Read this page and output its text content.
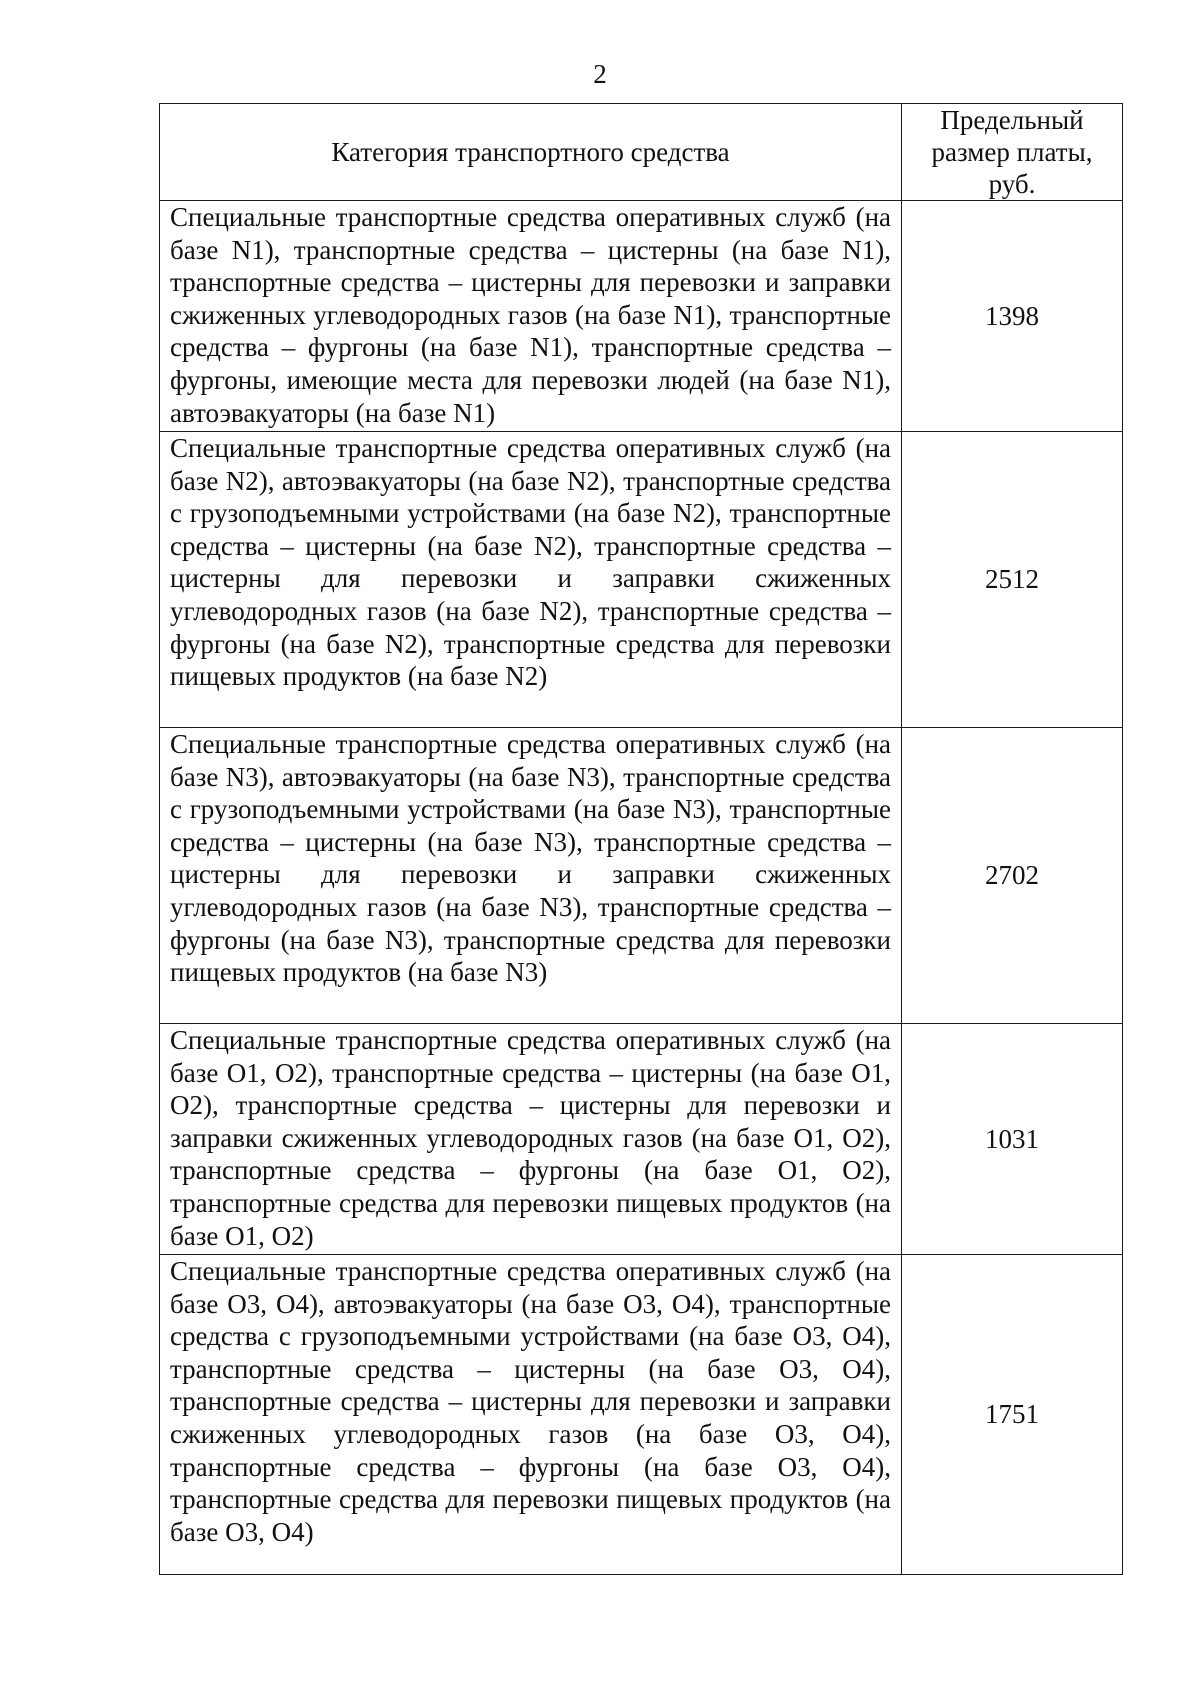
2
Категория транспортного средства	Предельный размер платы, руб.
Специальные транспортные средства оперативных служб (на базе N1), транспортные средства – цистерны (на базе N1), транспортные средства – цистерны для перевозки и заправки сжиженных углеводородных газов (на базе N1), транспортные средства – фургоны (на базе N1), транспортные средства – фургоны, имеющие места для перевозки людей (на базе N1), автоэвакуаторы (на базе N1)	1398
Специальные транспортные средства оперативных служб (на базе N2), автоэвакуаторы (на базе N2), транспортные средства с грузоподъемными устройствами (на базе N2), транспортные средства – цистерны (на базе N2), транспортные средства – цистерны для перевозки и заправки сжиженных углеводородных газов (на базе N2), транспортные средства – фургоны (на базе N2), транспортные средства для перевозки пищевых продуктов (на базе N2)	2512
Специальные транспортные средства оперативных служб (на базе N3), автоэвакуаторы (на базе N3), транспортные средства с грузоподъемными устройствами (на базе N3), транспортные средства – цистерны (на базе N3), транспортные средства – цистерны для перевозки и заправки сжиженных углеводородных газов (на базе N3), транспортные средства – фургоны (на базе N3), транспортные средства для перевозки пищевых продуктов (на базе N3)	2702
Специальные транспортные средства оперативных служб (на базе О1, О2), транспортные средства – цистерны (на базе О1, О2), транспортные средства – цистерны для перевозки и заправки сжиженных углеводородных газов (на базе О1, О2), транспортные средства – фургоны (на базе О1, О2), транспортные средства для перевозки пищевых продуктов (на базе О1, О2)	1031
Специальные транспортные средства оперативных служб (на базе О3, О4), автоэвакуаторы (на базе О3, О4), транспортные средства с грузоподъемными устройствами (на базе О3, О4), транспортные средства – цистерны (на базе О3, О4), транспортные средства – цистерны для перевозки и заправки сжиженных углеводородных газов (на базе О3, О4), транспортные средства – фургоны (на базе О3, О4), транспортные средства для перевозки пищевых продуктов (на базе О3, О4)	1751
